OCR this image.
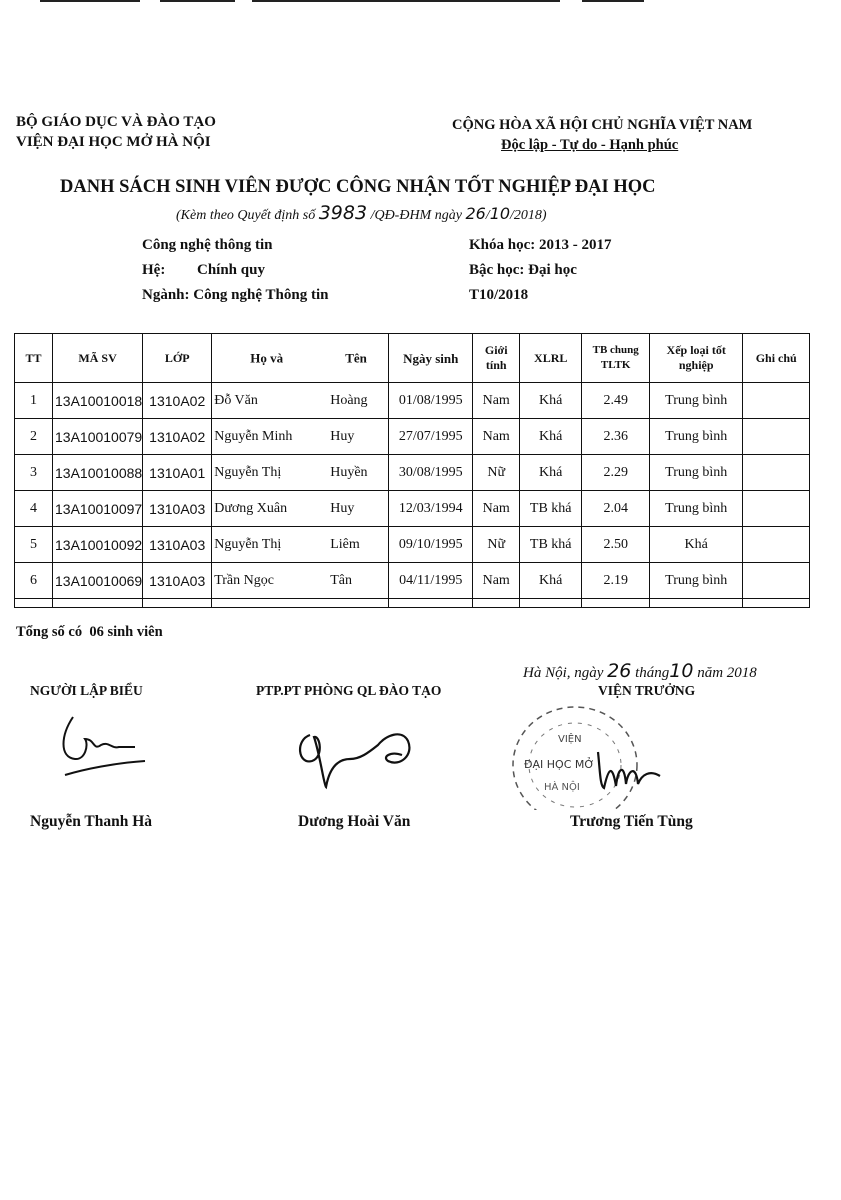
BỘ GIÁO DỤC VÀ ĐÀO TẠO
VIỆN ĐẠI HỌC MỞ HÀ NỘI
CỘNG HÒA XÃ HỘI CHỦ NGHĨA VIỆT NAM
Độc lập - Tự do - Hạnh phúc
DANH SÁCH SINH VIÊN ĐƯỢC CÔNG NHẬN TỐT NGHIỆP ĐẠI HỌC
(Kèm theo Quyết định số 3983 /QĐ-ĐHM ngày 26/10/2018)
Công nghệ thông tin
Hệ: Chính quy
Ngành: Công nghệ Thông tin
Khóa học: 2013 - 2017
Bậc học: Đại học
T10/2018
TT	MÃ SV	LỚP	Họ và Tên	Ngày sinh	Giới tính	XLRL	TB chung TLTK	Xếp loại tốt nghiệp	Ghi chú
1	13A10010018	1310A02	Đỗ Văn Hoàng	01/08/1995	Nam	Khá	2.49	Trung bình	
2	13A10010079	1310A02	Nguyễn Minh Huy	27/07/1995	Nam	Khá	2.36	Trung bình	
3	13A10010088	1310A01	Nguyễn Thị Huyền	30/08/1995	Nữ	Khá	2.29	Trung bình	
4	13A10010097	1310A03	Dương Xuân Huy	12/03/1994	Nam	TB khá	2.04	Trung bình	
5	13A10010092	1310A03	Nguyễn Thị Liêm	09/10/1995	Nữ	TB khá	2.50	Khá	
6	13A10010069	1310A03	Trần Ngọc Tân	04/11/1995	Nam	Khá	2.19	Trung bình	

Tổng số có  06 sinh viên
Hà Nội, ngày 26 tháng10 năm 2018
NGƯỜI LẬP BIỂU	PTP.PT PHÒNG QL ĐÀO TẠO	VIỆN TRƯỞNG
VIỆN
ĐẠI HỌC MỞ
HÀ NỘI
Nguyễn Thanh Hà	Dương Hoài Văn	Trương Tiến Tùng
